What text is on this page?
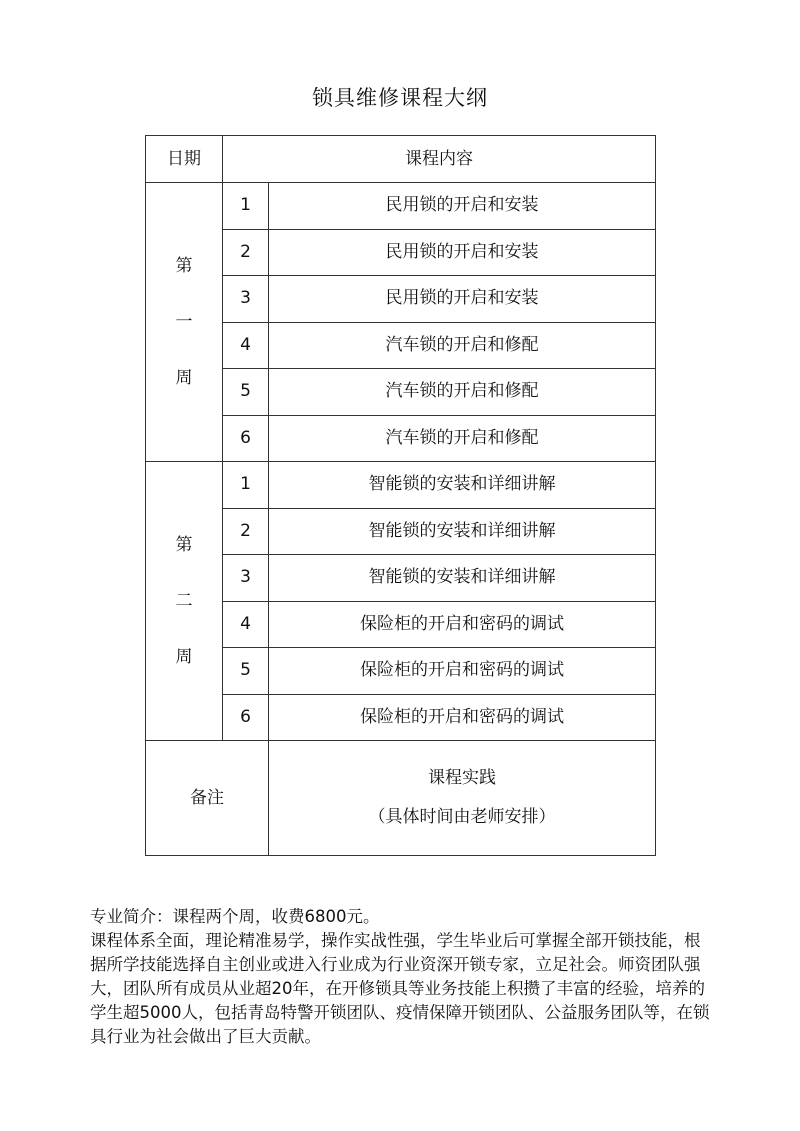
锁具维修课程大纲
日期	课程内容	

第
一
周	1	民用锁的开启和安装
	2	民用锁的开启和安装
	3	民用锁的开启和安装
	4	汽车锁的开启和修配
	5	汽车锁的开启和修配
	6	汽车锁的开启和修配

第
二
周	1	智能锁的安装和详细讲解
	2	智能锁的安装和详细讲解
	3	智能锁的安装和详细讲解
	4	保险柜的开启和密码的调试
	5	保险柜的开启和密码的调试
	6	保险柜的开启和密码的调试
备注		课程实践
（具体时间由老师安排）

专业简介：课程两个周，收费6800元。

课程体系全面，理论精准易学，操作实战性强，学生毕业后可掌握全部开锁技能，根据所学技能选择自主创业或进入行业成为行业资深开锁专家，立足社会。师资团队强大，团队所有成员从业超20年，在开修锁具等业务技能上积攒了丰富的经验，培养的学生超5000人，包括青岛特警开锁团队、疫情保障开锁团队、公益服务团队等，在锁具行业为社会做出了巨大贡献。
